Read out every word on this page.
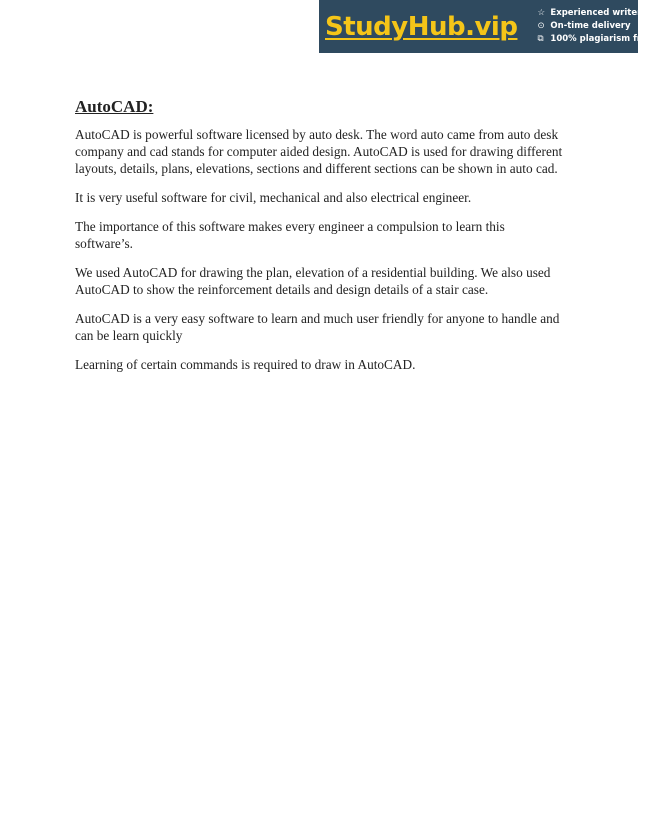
StudyHub.vip ☆ Experienced writers
⊙ On-time delivery
⧉ 100% plagiarism free
AutoCAD:

AutoCAD is powerful software licensed by auto desk. The word auto came from auto desk company and cad stands for computer aided design. AutoCAD is used for drawing different layouts, details, plans, elevations, sections and different sections can be shown in auto cad.

It is very useful software for civil, mechanical and also electrical engineer.

The importance of this software makes every engineer a compulsion to learn this software’s.

We used AutoCAD for drawing the plan, elevation of a residential building. We also used AutoCAD to show the reinforcement details and design details of a stair case.

AutoCAD is a very easy software to learn and much user friendly for anyone to handle and can be learn quickly

Learning of certain commands is required to draw in AutoCAD.
